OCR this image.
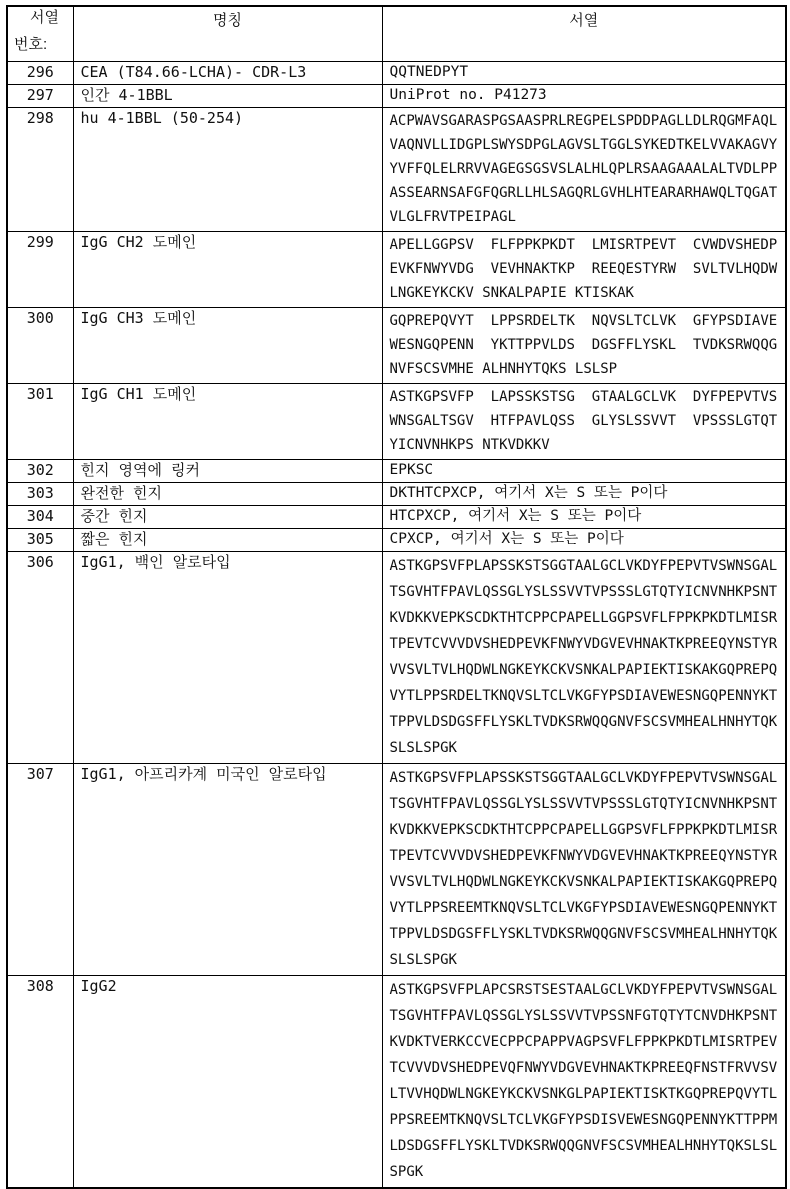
서열
번호:	명칭	서열
296	CEA (T84.66-LCHA)- CDR-L3	QQTNEDPYT

297	인간 4-1BBL	UniProt no. P41273

298	hu 4-1BBL (50-254)	ACPWAVSGARASPGSAASPRLREGPELSPDDPAGLLDLRQGMFAQL
VAQNVLLIDGPLSWYSDPGLAGVSLTGGLSYKEDTKELVVAKAGVY
YVFFQLELRRVVAGEGSGSVSLALHLQPLRSAAGAAALALTVDLPP
ASSEARNSAFGFQGRLLHLSAGQRLGVHLHTEARARHAWQLTQGAT
VLGLFRVTPEIPAGL

299	IgG CH2 도메인	APELLGGPSV  FLFPPKPKDT  LMISRTPEVT  CVWDVSHEDP
EVKFNWYVDG  VEVHNAKTKP  REEQESTYRW  SVLTVLHQDW
LNGKEYKCKV SNKALPAPIE KTISKAK

300	IgG CH3 도메인	GQPREPQVYT  LPPSRDELTK  NQVSLTCLVK  GFYPSDIAVE
WESNGQPENN  YKTTPPVLDS  DGSFFLYSKL  TVDKSRWQQG
NVFSCSVMHE ALHNHYTQKS LSLSP

301	IgG CH1 도메인	ASTKGPSVFP  LAPSSKSTSG  GTAALGCLVK  DYFPEPVTVS
WNSGALTSGV  HTFPAVLQSS  GLYSLSSVVT  VPSSSLGTQT
YICNVNHKPS NTKVDKKV

302	힌지 영역에 링커	EPKSC

303	완전한 힌지	DKTHTCPXCP, 여기서 X는 S 또는 P이다

304	중간 힌지	HTCPXCP, 여기서 X는 S 또는 P이다

305	짧은 힌지	CPXCP, 여기서 X는 S 또는 P이다

306	IgG1, 백인 알로타입	ASTKGPSVFPLAPSSKSTSGGTAALGCLVKDYFPEPVTVSWNSGAL
TSGVHTFPAVLQSSGLYSLSSVVTVPSSSLGTQTYICNVNHKPSNT
KVDKKVEPKSCDKTHTCPPCPAPELLGGPSVFLFPPKPKDTLMISR
TPEVTCVVVDVSHEDPEVKFNWYVDGVEVHNAKTKPREEQYNSTYR
VVSVLTVLHQDWLNGKEYKCKVSNKALPAPIEKTISKAKGQPREPQ
VYTLPPSRDELTKNQVSLTCLVKGFYPSDIAVEWESNGQPENNYKT
TPPVLDSDGSFFLYSKLTVDKSRWQQGNVFSCSVMHEALHNHYTQK
SLSLSPGK

307	IgG1, 아프리카계 미국인 알로타입	ASTKGPSVFPLAPSSKSTSGGTAALGCLVKDYFPEPVTVSWNSGAL
TSGVHTFPAVLQSSGLYSLSSVVTVPSSSLGTQTYICNVNHKPSNT
KVDKKVEPKSCDKTHTCPPCPAPELLGGPSVFLFPPKPKDTLMISR
TPEVTCVVVDVSHEDPEVKFNWYVDGVEVHNAKTKPREEQYNSTYR
VVSVLTVLHQDWLNGKEYKCKVSNKALPAPIEKTISKAKGQPREPQ
VYTLPPSREEMTKNQVSLTCLVKGFYPSDIAVEWESNGQPENNYKT
TPPVLDSDGSFFLYSKLTVDKSRWQQGNVFSCSVMHEALHNHYTQK
SLSLSPGK

308	IgG2	ASTKGPSVFPLAPCSRSTSESTAALGCLVKDYFPEPVTVSWNSGAL
TSGVHTFPAVLQSSGLYSLSSVVTVPSSNFGTQTYTCNVDHKPSNT
KVDKTVERKCCVECPPCPAPPVAGPSVFLFPPKPKDTLMISRTPEV
TCVVVDVSHEDPEVQFNWYVDGVEVHNAKTKPREEQFNSTFRVVSV
LTVVHQDWLNGKEYKCKVSNKGLPAPIEKTISKTKGQPREPQVYTL
PPSREEMTKNQVSLTCLVKGFYPSDISVEWESNGQPENNYKTTPPM
LDSDGSFFLYSKLTVDKSRWQQGNVFSCSVMHEALHNHYTQKSLSL
SPGK
